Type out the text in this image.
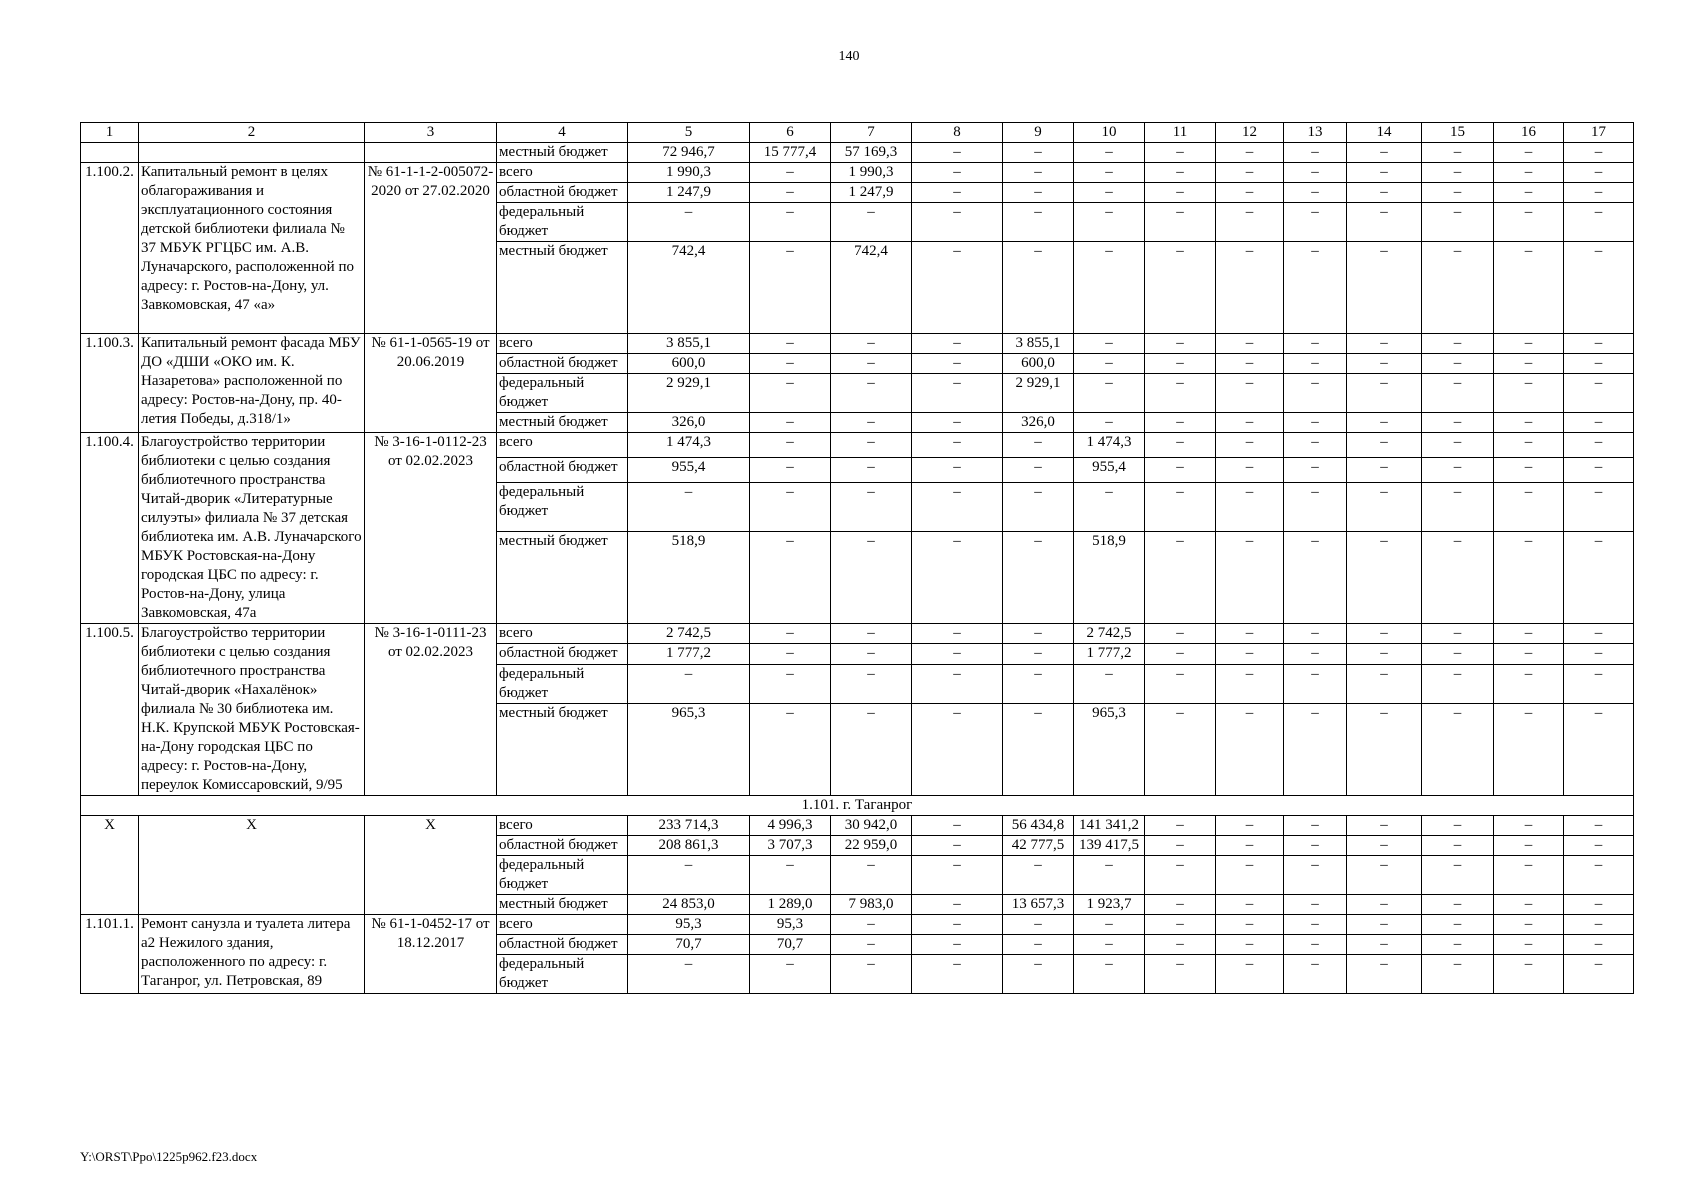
140
1	2	3	4	5	6	7	8	9	10	11	12	13	14	15	16	17
			местный бюджет	72 946,7	15 777,4	57 169,3	–	–	–	–	–	–	–	–	–	–
1.100.2.	Капитальный ремонт в целях облагораживания и эксплуатационного состояния детской библиотеки филиала № 37 МБУК РГЦБС им. А.В. Луначарского, расположенной по адресу: г. Ростов-на-Дону, ул. Завкомовская, 47 «а»	№ 61-1-1-2-005072-2020 от 27.02.2020	всего	1 990,3	–	1 990,3	–	–	–	–	–	–	–	–	–	–
			областной бюджет	1 247,9	–	1 247,9	–	–	–	–	–	–	–	–	–	–
			федеральный бюджет	–	–	–	–	–	–	–	–	–	–	–	–	–
			местный бюджет	742,4	–	742,4	–	–	–	–	–	–	–	–	–	–
1.100.3.	Капитальный ремонт фасада МБУ ДО «ДШИ «ОКО им. К. Назаретова» расположенной по адресу: Ростов-на-Дону, пр. 40-летия Победы, д.318/1»	№ 61-1-0565-19 от 20.06.2019	всего	3 855,1	–	–	–	3 855,1	–	–	–	–	–	–	–	–
			областной бюджет	600,0	–	–	–	600,0	–	–	–	–	–	–	–	–
			федеральный бюджет	2 929,1	–	–	–	2 929,1	–	–	–	–	–	–	–	–
			местный бюджет	326,0	–	–	–	326,0	–	–	–	–	–	–	–	–
1.100.4.	Благоустройство территории библиотеки с целью создания библиотечного пространства Читай-дворик «Литературные силуэты» филиала № 37 детская библиотека им. А.В. Луначарского МБУК Ростовская-на-Дону городская ЦБС по адресу: г. Ростов-на-Дону, улица Завкомовская, 47а	№ 3-16-1-0112-23 от 02.02.2023	всего	1 474,3	–	–	–	–	1 474,3	–	–	–	–	–	–	–
			областной бюджет	955,4	–	–	–	–	955,4	–	–	–	–	–	–	–
			федеральный бюджет	–	–	–	–	–	–	–	–	–	–	–	–	–
			местный бюджет	518,9	–	–	–	–	518,9	–	–	–	–	–	–	–
1.100.5.	Благоустройство территории библиотеки с целью создания библиотечного пространства Читай-дворик «Нахалёнок» филиала № 30 библиотека им. Н.К. Крупской МБУК Ростовская-на-Дону городская ЦБС по адресу: г. Ростов-на-Дону, переулок Комиссаровский, 9/95	№ 3-16-1-0111-23 от 02.02.2023	всего	2 742,5	–	–	–	–	2 742,5	–	–	–	–	–	–	–
			областной бюджет	1 777,2	–	–	–	–	1 777,2	–	–	–	–	–	–	–
			федеральный бюджет	–	–	–	–	–	–	–	–	–	–	–	–	–
			местный бюджет	965,3	–	–	–	–	965,3	–	–	–	–	–	–	–
1.101. г. Таганрог																
Х	Х	Х	всего	233 714,3	4 996,3	30 942,0	–	56 434,8	141 341,2	–	–	–	–	–	–	–
			областной бюджет	208 861,3	3 707,3	22 959,0	–	42 777,5	139 417,5	–	–	–	–	–	–	–
			федеральный бюджет	–	–	–	–	–	–	–	–	–	–	–	–	–
			местный бюджет	24 853,0	1 289,0	7 983,0	–	13 657,3	1 923,7	–	–	–	–	–	–	–
1.101.1.	Ремонт санузла и туалета литера а2 Нежилого здания, расположенного по адресу: г. Таганрог, ул. Петровская, 89	№ 61-1-0452-17 от 18.12.2017	всего	95,3	95,3	–	–	–	–	–	–	–	–	–	–	–
			областной бюджет	70,7	70,7	–	–	–	–	–	–	–	–	–	–	–
			федеральный бюджет	–	–	–	–	–	–	–	–	–	–	–	–	–
Y:\ORST\Ppo\1225p962.f23.docx
